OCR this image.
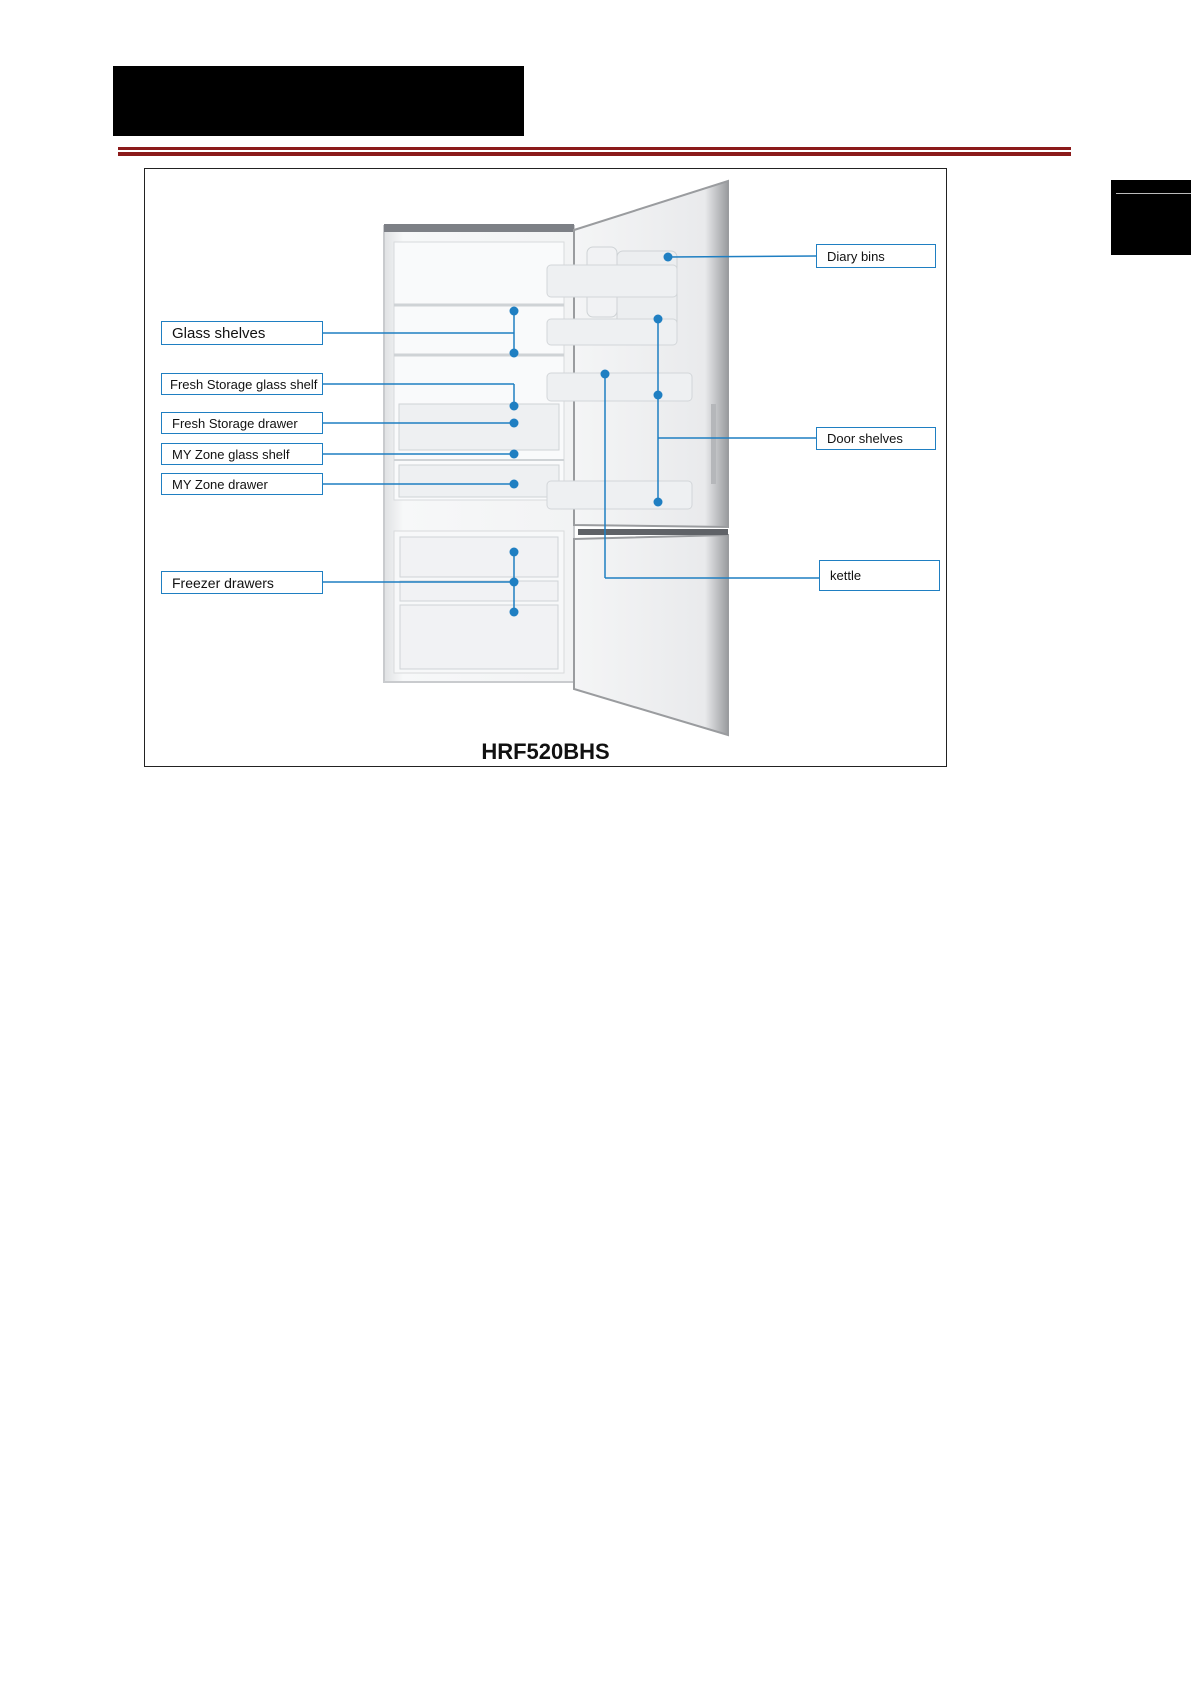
Glass shelves
Fresh Storage glass shelf
Fresh Storage drawer
MY Zone glass shelf
MY Zone drawer
Freezer drawers
Diary bins
Door shelves
kettle
HRF520BHS
